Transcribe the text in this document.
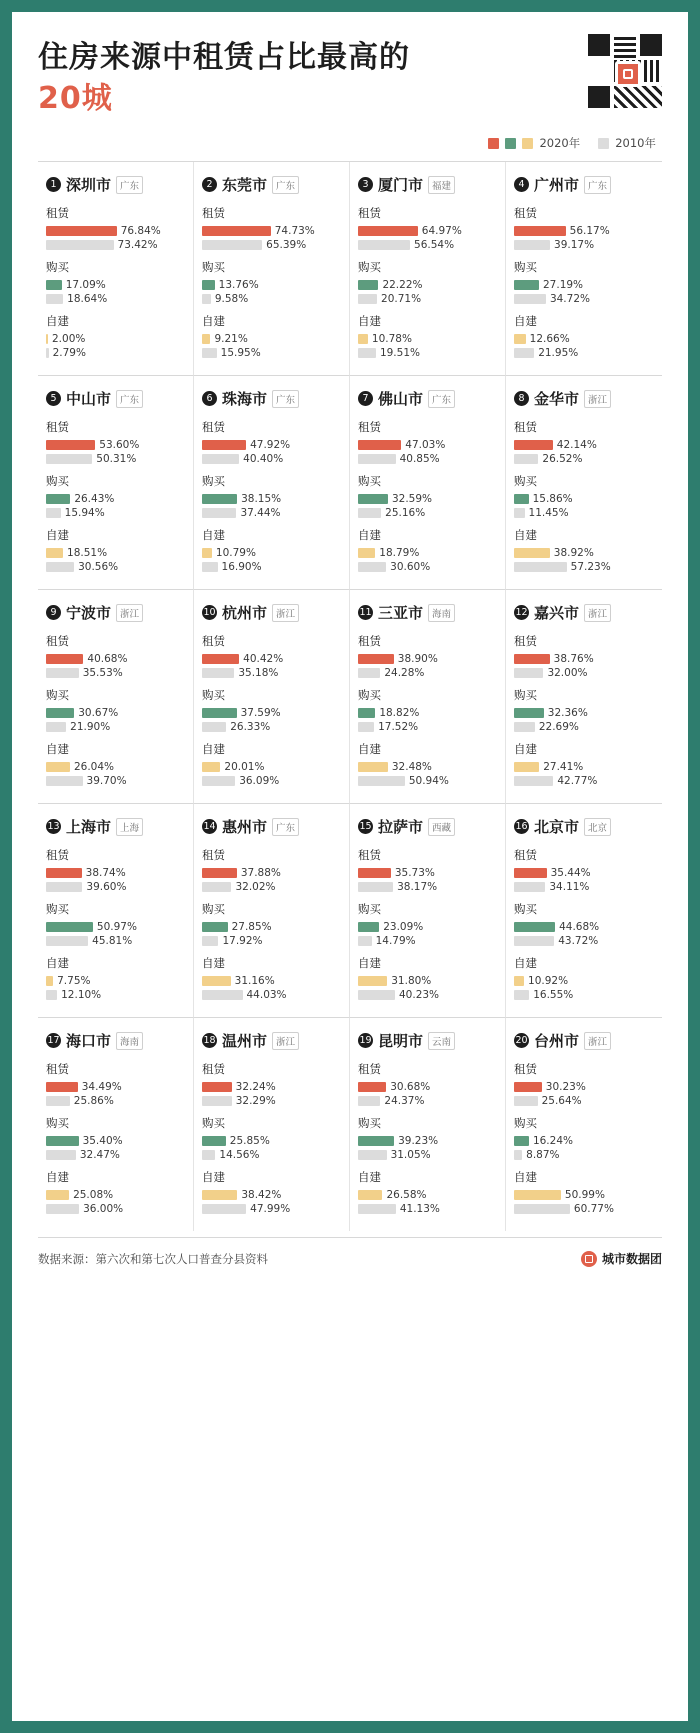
住房来源中租赁占比最高的
20城
2020年	2010年
1 深圳市 广东
租赁
76.84%
73.42%
购买
17.09%
18.64%
自建
2.00%
2.79%
2 东莞市 广东
租赁
74.73%
65.39%
购买
13.76%
9.58%
自建
9.21%
15.95%
3 厦门市 福建
租赁
64.97%
56.54%
购买
22.22%
20.71%
自建
10.78%
19.51%
4 广州市 广东
租赁
56.17%
39.17%
购买
27.19%
34.72%
自建
12.66%
21.95%
5 中山市 广东
租赁
53.60%
50.31%
购买
26.43%
15.94%
自建
18.51%
30.56%
6 珠海市 广东
租赁
47.92%
40.40%
购买
38.15%
37.44%
自建
10.79%
16.90%
7 佛山市 广东
租赁
47.03%
40.85%
购买
32.59%
25.16%
自建
18.79%
30.60%
8 金华市 浙江
租赁
42.14%
26.52%
购买
15.86%
11.45%
自建
38.92%
57.23%
9 宁波市 浙江
租赁
40.68%
35.53%
购买
30.67%
21.90%
自建
26.04%
39.70%
10 杭州市 浙江
租赁
40.42%
35.18%
购买
37.59%
26.33%
自建
20.01%
36.09%
11 三亚市 海南
租赁
38.90%
24.28%
购买
18.82%
17.52%
自建
32.48%
50.94%
12 嘉兴市 浙江
租赁
38.76%
32.00%
购买
32.36%
22.69%
自建
27.41%
42.77%
13 上海市 上海
租赁
38.74%
39.60%
购买
50.97%
45.81%
自建
7.75%
12.10%
14 惠州市 广东
租赁
37.88%
32.02%
购买
27.85%
17.92%
自建
31.16%
44.03%
15 拉萨市 西藏
租赁
35.73%
38.17%
购买
23.09%
14.79%
自建
31.80%
40.23%
16 北京市 北京
租赁
35.44%
34.11%
购买
44.68%
43.72%
自建
10.92%
16.55%
17 海口市 海南
租赁
34.49%
25.86%
购买
35.40%
32.47%
自建
25.08%
36.00%
18 温州市 浙江
租赁
32.24%
32.29%
购买
25.85%
14.56%
自建
38.42%
47.99%
19 昆明市 云南
租赁
30.68%
24.37%
购买
39.23%
31.05%
自建
26.58%
41.13%
20 台州市 浙江
租赁
30.23%
25.64%
购买
16.24%
8.87%
自建
50.99%
60.77%
数据来源：第六次和第七次人口普查分县资料	城市数据团
